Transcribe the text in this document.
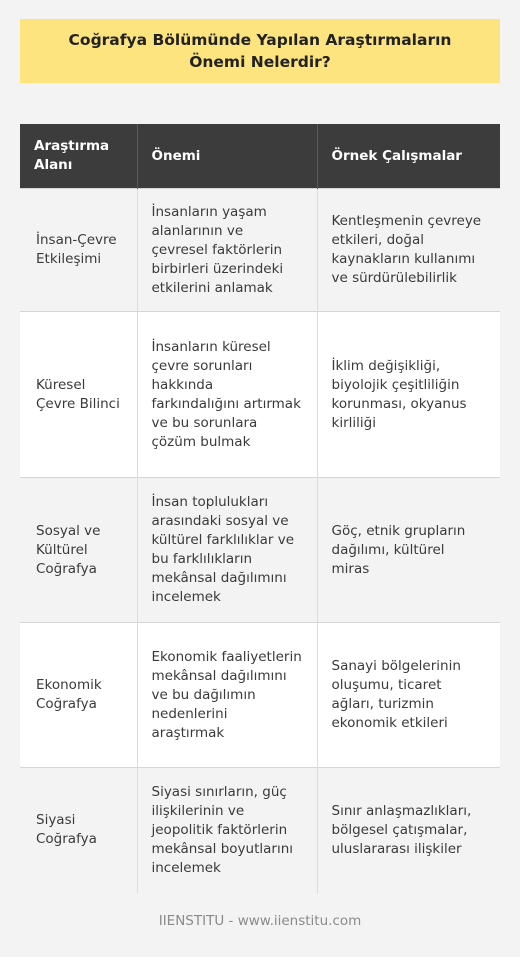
Coğrafya Bölümünde Yapılan Araştırmaların Önemi Nelerdir?
Araştırma Alanı	Önemi	Örnek Çalışmalar
İnsan-Çevre Etkileşimi	İnsanların yaşam alanlarının ve çevresel faktörlerin birbirleri üzerindeki etkilerini anlamak	Kentleşmenin çevreye etkileri, doğal kaynakların kullanımı ve sürdürülebilirlik
Küresel Çevre Bilinci	İnsanların küresel çevre sorunları hakkında farkındalığını artırmak ve bu sorunlara çözüm bulmak	İklim değişikliği, biyolojik çeşitliliğin korunması, okyanus kirliliği
Sosyal ve Kültürel Coğrafya	İnsan toplulukları arasındaki sosyal ve kültürel farklılıklar ve bu farklılıkların mekânsal dağılımını incelemek	Göç, etnik grupların dağılımı, kültürel miras
Ekonomik Coğrafya	Ekonomik faaliyetlerin mekânsal dağılımını ve bu dağılımın nedenlerini araştırmak	Sanayi bölgelerinin oluşumu, ticaret ağları, turizmin ekonomik etkileri
Siyasi Coğrafya	Siyasi sınırların, güç ilişkilerinin ve jeopolitik faktörlerin mekânsal boyutlarını incelemek	Sınır anlaşmazlıkları, bölgesel çatışmalar, uluslararası ilişkiler
IIENSTITU - www.iienstitu.com
